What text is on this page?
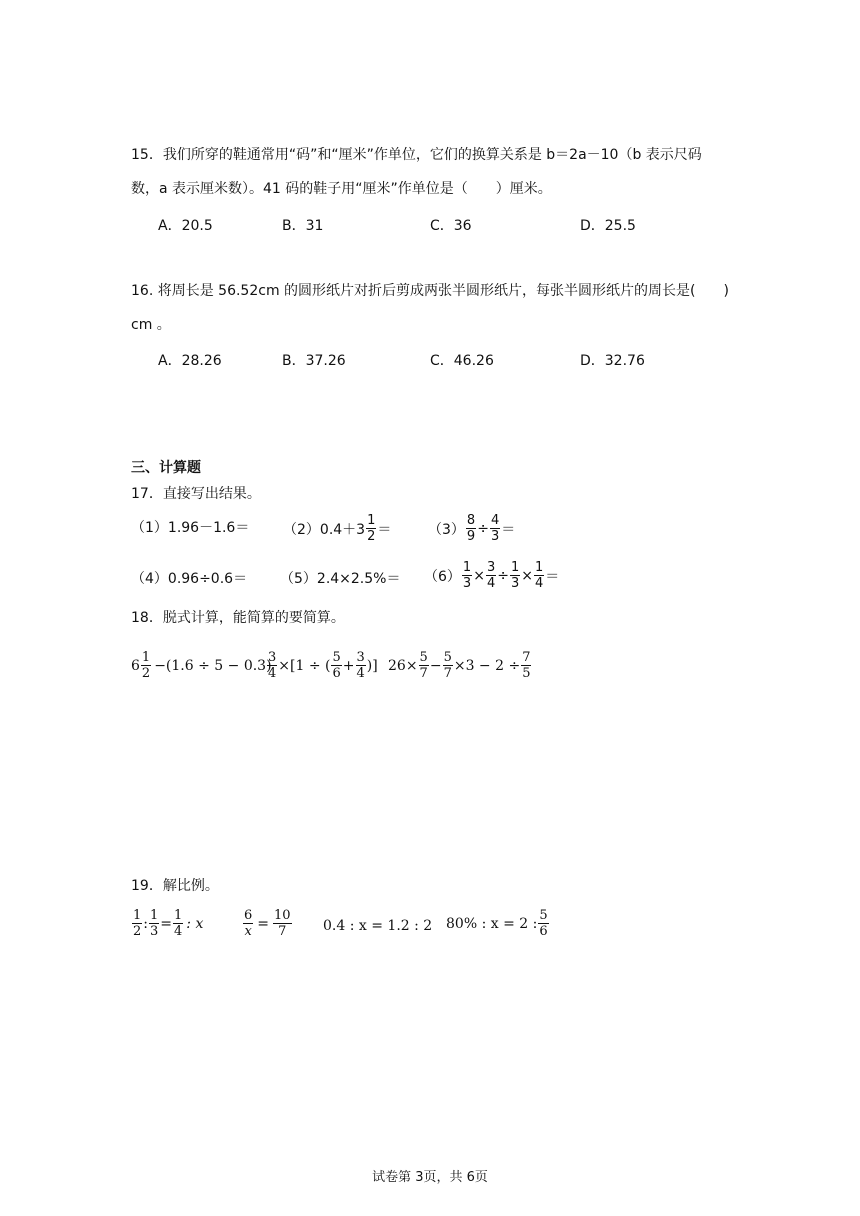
15．我们所穿的鞋通常用“码”和“厘米”作单位，它们的换算关系是 b＝2a－10（b 表示尺码
数，a 表示厘米数）。41 码的鞋子用“厘米”作单位是（　　）厘米。
A．20.5	B．31	C．36	D．25.5
16. 将周长是 56.52cm 的圆形纸片对折后剪成两张半圆形纸片，每张半圆形纸片的周长是(　　)
cm 。
A．28.26	B．37.26	C．46.26	D．32.76
三、计算题
17．直接写出结果。
$(1)1.96-1.6= (2)0.4+3 \frac{1}{2}$ ＝	$(3) \frac{8}{9} \div \frac{4}{3}$ ＝
$(4)0.96\div 0.6= (5)2.4\times 2.5\%= (6) \frac{1}{3} \times \frac{3}{4} \div \frac{1}{3} \times \frac{1}{4}$ ＝
18．脱式计算，能简算的要简算。
$6 \frac{1}{2} -(1.6 \div 5 - 0.3)$
$\frac{3}{4} \times[1$ ÷ ( $\frac{5}{6} + \frac{3}{4}$ )] $26\times \frac{5}{7} - \frac{5}{7} \times 3 - 2 \div \frac{7}{5}$
19．解比例。
$\frac{1}{2}$ : $\frac{1}{3} = \frac{1}{4}$ : x	$\frac{6}{x} = \frac{10}{7} 0.4$ : x = 1.2 : 2 80% : x = 2 : $\frac{5}{6}$
试卷第 3页，共 6页
